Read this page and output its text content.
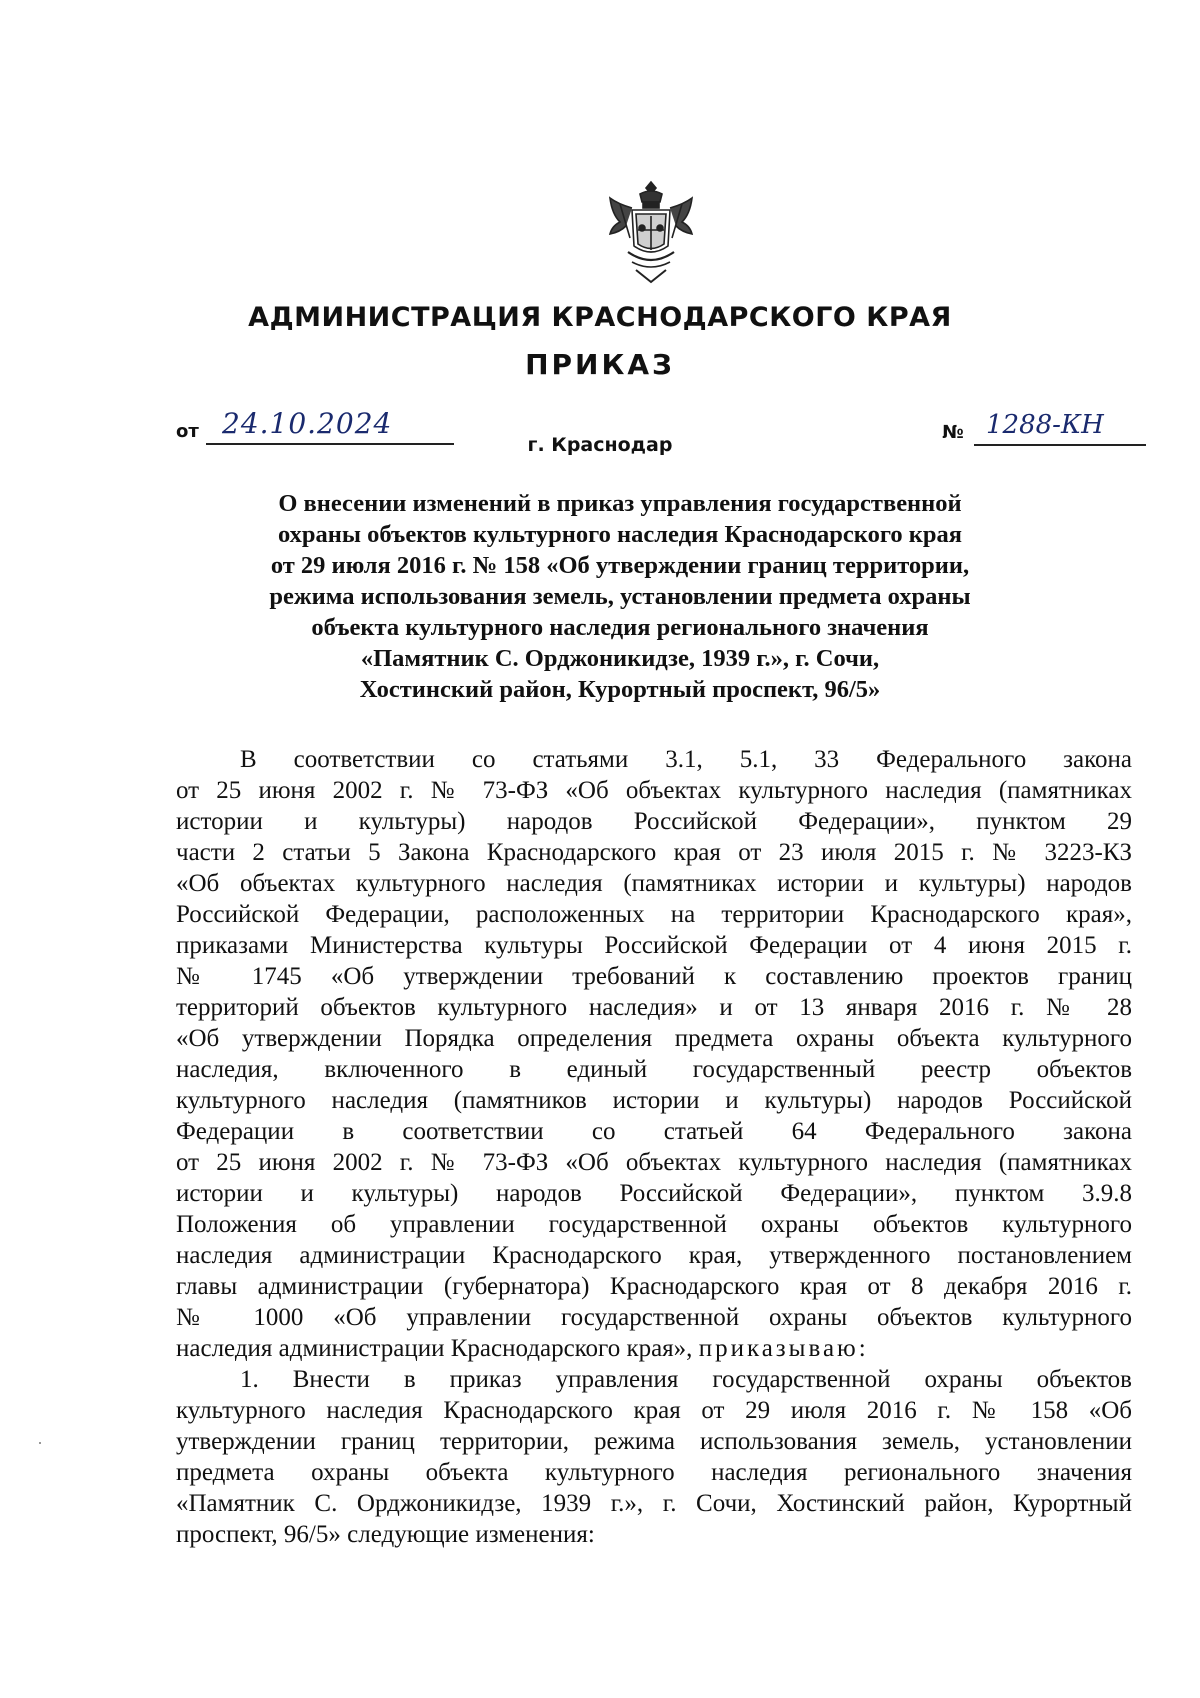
АДМИНИСТРАЦИЯ КРАСНОДАРСКОГО КРАЯ
ПРИКАЗ
от 24.10.2024	№ 1288-КН
г. Краснодар
О внесении изменений в приказ управления государственной
охраны объектов культурного наследия Краснодарского края
от 29 июля 2016 г. № 158 «Об утверждении границ территории,
режима использования земель, установлении предмета охраны
объекта культурного наследия регионального значения
«Памятник С. Орджоникидзе, 1939 г.», г. Сочи,
Хостинский район, Курортный проспект, 96/5»
В соответствии со статьями 3.1, 5.1, 33 Федерального закона
от 25 июня 2002 г. № 73-ФЗ «Об объектах культурного наследия (памятниках
истории и культуры) народов Российской Федерации», пунктом 29
части 2 статьи 5 Закона Краснодарского края от 23 июля 2015 г. № 3223-КЗ
«Об объектах культурного наследия (памятниках истории и культуры) народов
Российской Федерации, расположенных на территории Краснодарского края»,
приказами Министерства культуры Российской Федерации от 4 июня 2015 г.
№ 1745 «Об утверждении требований к составлению проектов границ
территорий объектов культурного наследия» и от 13 января 2016 г. № 28
«Об утверждении Порядка определения предмета охраны объекта культурного
наследия, включенного в единый государственный реестр объектов
культурного наследия (памятников истории и культуры) народов Российской
Федерации в соответствии со статьей 64 Федерального закона
от 25 июня 2002 г. № 73-ФЗ «Об объектах культурного наследия (памятниках
истории и культуры) народов Российской Федерации», пунктом 3.9.8
Положения об управлении государственной охраны объектов культурного
наследия администрации Краснодарского края, утвержденного постановлением
главы администрации (губернатора) Краснодарского края от 8 декабря 2016 г.
№ 1000 «Об управлении государственной охраны объектов культурного
наследия администрации Краснодарского края», приказываю:
1. Внести в приказ управления государственной охраны объектов
культурного наследия Краснодарского края от 29 июля 2016 г. № 158 «Об
утверждении границ территории, режима использования земель, установлении
предмета охраны объекта культурного наследия регионального значения
«Памятник С. Орджоникидзе, 1939 г.», г. Сочи, Хостинский район, Курортный
проспект, 96/5» следующие изменения:
